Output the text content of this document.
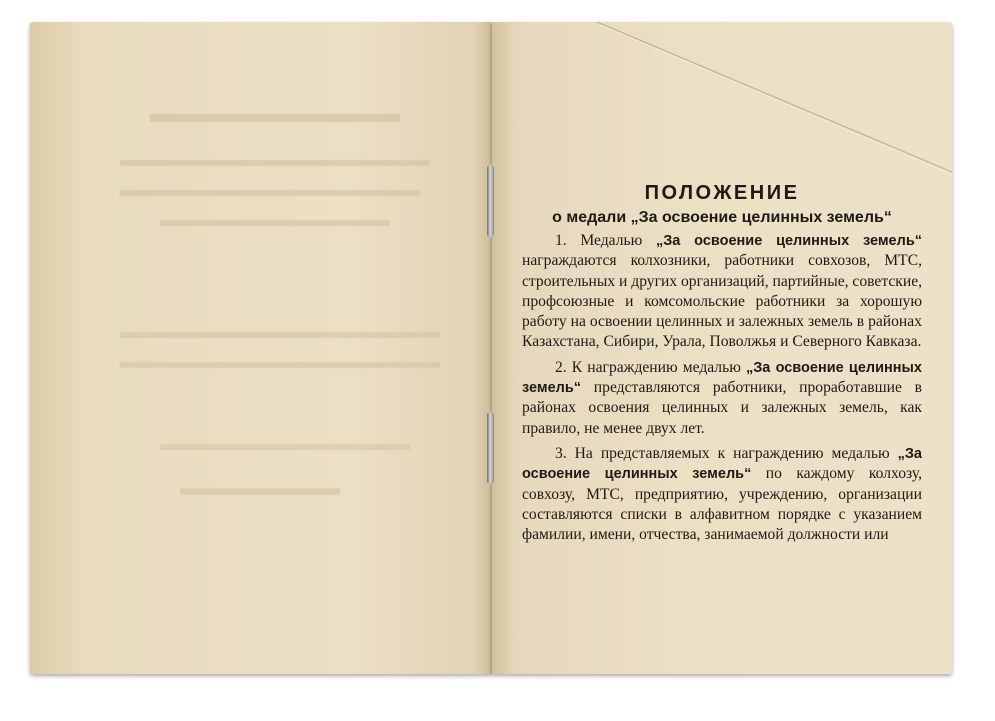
ПОЛОЖЕНИЕ
о медали „За освоение целинных земель“

1. Медалью „За освоение целинных земель“ награждаются колхозники, работники совхозов, МТС, строительных и других организаций, партийные, советские, профсоюзные и комсомольские работники за хорошую работу на освоении целинных и залежных земель в районах Казахстана, Сибири, Урала, Поволжья и Северного Кавказа.

2. К награждению медалью „За освоение целинных земель“ представляются работники, проработавшие в районах освоения целинных и залежных земель, как правило, не менее двух лет.

3. На представляемых к награждению медалью „За освоение целинных земель“ по каждому колхозу, совхозу, МТС, предприятию, учреждению, организации составляются списки в алфавитном порядке с указанием фамилии, имени, отчества, занимаемой должности или
